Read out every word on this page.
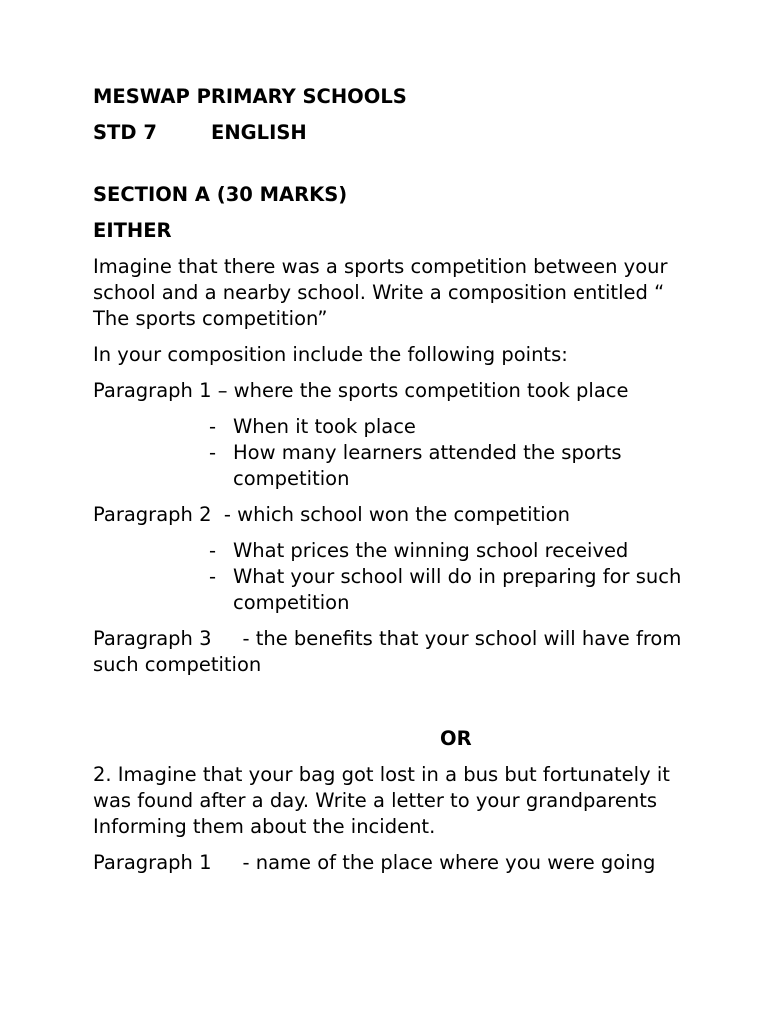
MESWAP PRIMARY SCHOOLS

STD 7	ENGLISH

SECTION A (30 MARKS)

EITHER

Imagine that there was a sports competition between your school and a nearby school. Write a composition entitled “ The sports competition”

In your composition include the following points:

Paragraph 1 – where the sports competition took place

- When it took place
- How many learners attended the sports competition

Paragraph 2  - which school won the competition

- What prices the winning school received
- What your school will do in preparing for such competition

Paragraph 3     - the benefits that your school will have from such competition

OR

2. Imagine that your bag got lost in a bus but fortunately it was found after a day. Write a letter to your grandparents Informing them about the incident.

Paragraph 1     - name of the place where you were going
